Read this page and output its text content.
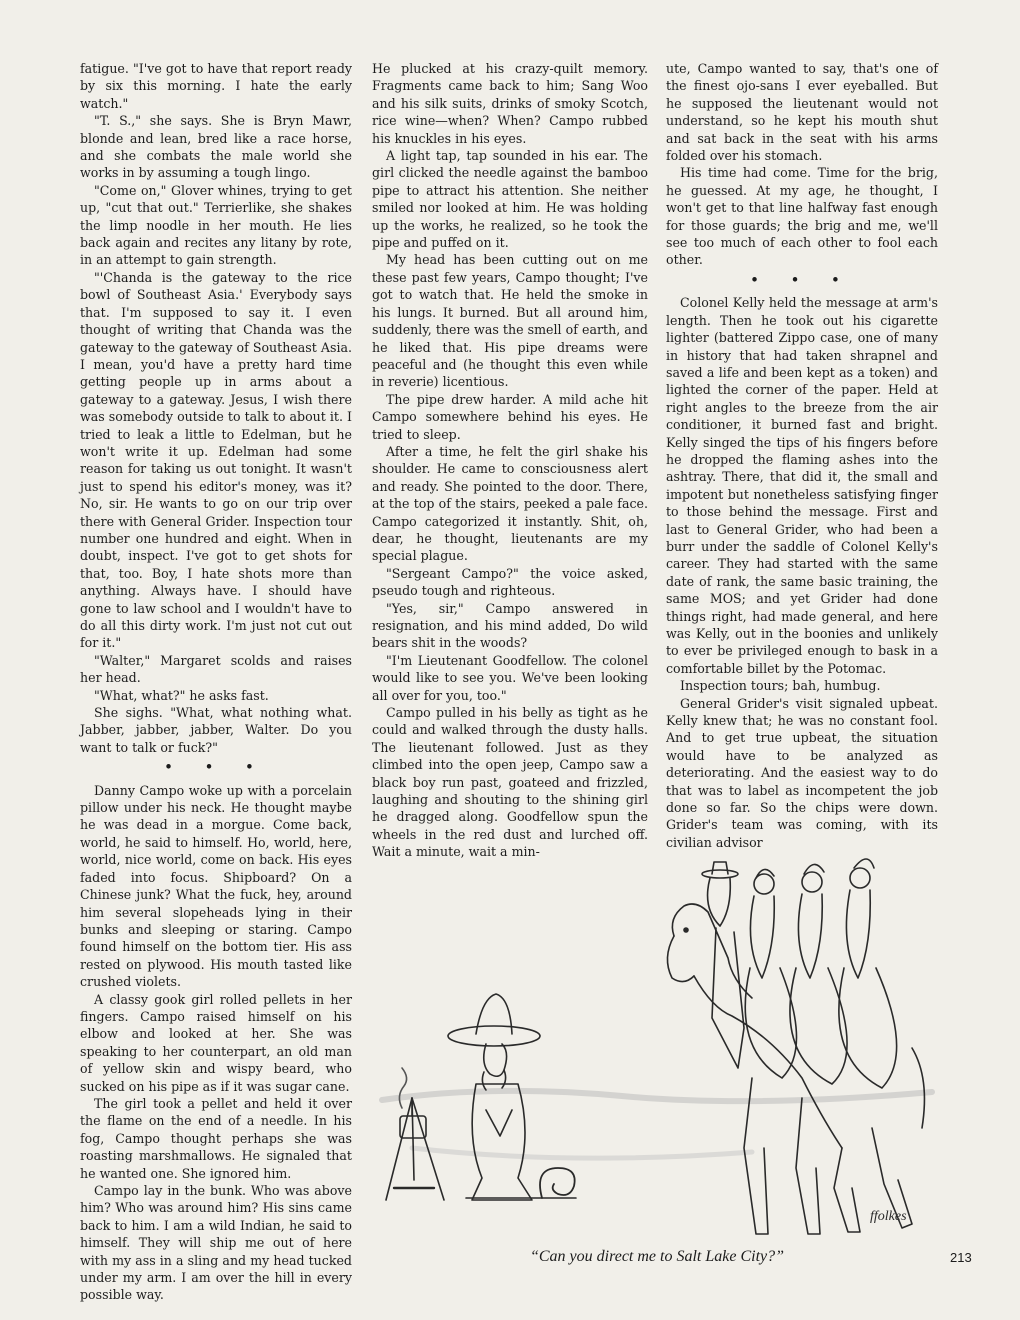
fatigue. "I've got to have that report ready by six this morning. I hate the early watch."

"T. S.," she says. She is Bryn Mawr, blonde and lean, bred like a race horse, and she combats the male world she works in by assuming a tough lingo.

"Come on," Glover whines, trying to get up, "cut that out." Terrierlike, she shakes the limp noodle in her mouth. He lies back again and recites any litany by rote, in an attempt to gain strength.

"'Chanda is the gateway to the rice bowl of Southeast Asia.' Everybody says that. I'm supposed to say it. I even thought of writing that Chanda was the gateway to the gateway of Southeast Asia. I mean, you'd have a pretty hard time getting people up in arms about a gateway to a gateway. Jesus, I wish there was somebody outside to talk to about it. I tried to leak a little to Edelman, but he won't write it up. Edelman had some reason for taking us out tonight. It wasn't just to spend his editor's money, was it? No, sir. He wants to go on our trip over there with General Grider. Inspection tour number one hundred and eight. When in doubt, inspect. I've got to get shots for that, too. Boy, I hate shots more than anything. Always have. I should have gone to law school and I wouldn't have to do all this dirty work. I'm just not cut out for it."

"Walter," Margaret scolds and raises her head.

"What, what?" he asks fast.

She sighs. "What, what nothing what. Jabber, jabber, jabber, Walter. Do you want to talk or fuck?"

• • •

Danny Campo woke up with a porcelain pillow under his neck. He thought maybe he was dead in a morgue. Come back, world, he said to himself. Ho, world, here, world, nice world, come on back. His eyes faded into focus. Shipboard? On a Chinese junk? What the fuck, hey, around him several slopeheads lying in their bunks and sleeping or staring. Campo found himself on the bottom tier. His ass rested on plywood. His mouth tasted like crushed violets.

A classy gook girl rolled pellets in her fingers. Campo raised himself on his elbow and looked at her. She was speaking to her counterpart, an old man of yellow skin and wispy beard, who sucked on his pipe as if it was sugar cane.

The girl took a pellet and held it over the flame on the end of a needle. In his fog, Campo thought perhaps she was roasting marshmallows. He signaled that he wanted one. She ignored him.

Campo lay in the bunk. Who was above him? Who was around him? His sins came back to him. I am a wild Indian, he said to himself. They will ship me out of here with my ass in a sling and my head tucked under my arm. I am over the hill in every possible way.

He plucked at his crazy-quilt memory. Fragments came back to him; Sang Woo and his silk suits, drinks of smoky Scotch, rice wine—when? When? Campo rubbed his knuckles in his eyes.

A light tap, tap sounded in his ear. The girl clicked the needle against the bamboo pipe to attract his attention. She neither smiled nor looked at him. He was holding up the works, he realized, so he took the pipe and puffed on it.

My head has been cutting out on me these past few years, Campo thought; I've got to watch that. He held the smoke in his lungs. It burned. But all around him, suddenly, there was the smell of earth, and he liked that. His pipe dreams were peaceful and (he thought this even while in reverie) licentious.

The pipe drew harder. A mild ache hit Campo somewhere behind his eyes. He tried to sleep.

After a time, he felt the girl shake his shoulder. He came to consciousness alert and ready. She pointed to the door. There, at the top of the stairs, peeked a pale face. Campo categorized it instantly. Shit, oh, dear, he thought, lieutenants are my special plague.

"Sergeant Campo?" the voice asked, pseudo tough and righteous.

"Yes, sir," Campo answered in resignation, and his mind added, Do wild bears shit in the woods?

"I'm Lieutenant Goodfellow. The colonel would like to see you. We've been looking all over for you, too."

Campo pulled in his belly as tight as he could and walked through the dusty halls. The lieutenant followed. Just as they climbed into the open jeep, Campo saw a black boy run past, goateed and frizzled, laughing and shouting to the shining girl he dragged along. Goodfellow spun the wheels in the red dust and lurched off. Wait a minute, wait a min-

ute, Campo wanted to say, that's one of the finest ojo-sans I ever eyeballed. But he supposed the lieutenant would not understand, so he kept his mouth shut and sat back in the seat with his arms folded over his stomach.

His time had come. Time for the brig, he guessed. At my age, he thought, I won't get to that line halfway fast enough for those guards; the brig and me, we'll see too much of each other to fool each other.

• • •

Colonel Kelly held the message at arm's length. Then he took out his cigarette lighter (battered Zippo case, one of many in history that had taken shrapnel and saved a life and been kept as a token) and lighted the corner of the paper. Held at right angles to the breeze from the air conditioner, it burned fast and bright. Kelly singed the tips of his fingers before he dropped the flaming ashes into the ashtray. There, that did it, the small and impotent but nonetheless satisfying finger to those behind the message. First and last to General Grider, who had been a burr under the saddle of Colonel Kelly's career. They had started with the same date of rank, the same basic training, the same MOS; and yet Grider had done things right, had made general, and here was Kelly, out in the boonies and unlikely to ever be privileged enough to bask in a comfortable billet by the Potomac.

Inspection tours; bah, humbug.

General Grider's visit signaled upbeat. Kelly knew that; he was no constant fool. And to get true upbeat, the situation would have to be analyzed as deteriorating. And the easiest way to do that was to label as incompetent the job done so far. So the chips were down. Grider's team was coming, with its civilian advisor

ffolkes
“Can you direct me to Salt Lake City?”	213
